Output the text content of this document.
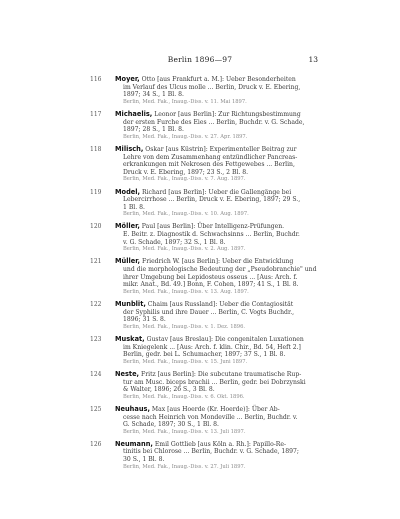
Berlin 1896—97	13
116 Moyer, Otto [aus Frankfurt a. M.]: Ueber Besonderheiten
im Verlauf des Ulcus molle ... Berlin, Druck v. E. Ebering,
1897; 34 S., 1 Bl. 8.
Berlin, Med. Fak., Inaug.-Diss. v. 11. Mai 1897.
117 Michaelis, Leonor [aus Berlin]: Zur Richtungsbestimmung
der ersten Furche des Eies ... Berlin, Buchdr. v. G. Schade,
1897; 28 S., 1 Bl. 8.
Berlin, Med. Fak., Inaug.-Diss. v. 27. Apr. 1897.
118 Milisch, Oskar [aus Küstrin]: Experimenteller Beitrag zur
Lehre von dem Zusammenhang entzündlicher Pancreas-
erkrankungen mit Nekrosen des Fettgewebes ... Berlin,
Druck v. E. Ebering, 1897; 23 S., 2 Bl. 8.
Berlin, Med. Fak., Inaug.-Diss. v. 7. Aug. 1897.
119 Model, Richard [aus Berlin]: Ueber die Gallengänge bei
Lebercirrhose ... Berlin, Druck v. E. Ebering, 1897; 29 S.,
1 Bl. 8.
Berlin, Med. Fak., Inaug.-Diss. v. 10. Aug. 1897.
120 Möller, Paul [aus Berlin]: Über Intelligenz-Prüfungen.
E. Beitr. z. Diagnostik d. Schwachsinns ... Berlin, Buchdr.
v. G. Schade, 1897; 32 S., 1 Bl. 8.
Berlin, Med. Fak., Inaug.-Diss. v. 2. Aug. 1897.
121 Müller, Friedrich W. [aus Berlin]: Ueber die Entwicklung
und die morphologische Bedeutung der „Pseudobranchie" und
ihrer Umgebung bei Lepidosteus osseus ... [Aus: Arch. f.
mikr. Anat., Bd. 49.] Bonn, F. Cohen, 1897; 41 S., 1 Bl. 8.
Berlin, Med. Fak., Inaug.-Diss. v. 13. Aug. 1897.
122 Munblit, Chaim [aus Russland]: Ueber die Contagiosität
der Syphilis und ihre Dauer ... Berlin, C. Vogts Buchdr.,
1896; 31 S. 8.
Berlin, Med. Fak., Inaug.-Diss. v. 1. Dez. 1896.
123 Muskat, Gustav [aus Breslau]: Die congenitalen Luxationen
im Kniegelenk ... [Aus: Arch. f. klin. Chir., Bd. 54, Heft 2.]
Berlin, gedr. bei L. Schumacher, 1897; 37 S., 1 Bl. 8.
Berlin, Med. Fak., Inaug.-Diss. v. 15. Juni 1897.
124 Neste, Fritz [aus Berlin]: Die subcutane traumatische Rup-
tur am Musc. biceps brachii ... Berlin, gedr. bei Dobrzynski
& Walter, 1896; 26 S., 3 Bl. 8.
Berlin, Med. Fak., Inaug.-Diss. v. 6. Okt. 1896.
125 Neuhaus, Max [aus Hoerde (Kr. Hoerde)]: Über Ab-
cesse nach Heinrich von Mondeville ... Berlin, Buchdr. v.
G. Schade, 1897; 30 S., 1 Bl. 8.
Berlin, Med. Fak., Inaug.-Diss. v. 13. Juli 1897.
126 Neumann, Emil Gottlieb [aus Köln a. Rh.]: Papillo-Re-
tinitis bei Chlorose ... Berlin, Buchdr. v. G. Schade, 1897;
30 S., 1 Bl. 8.
Berlin, Med. Fak., Inaug.-Diss. v. 27. Juli 1897.
